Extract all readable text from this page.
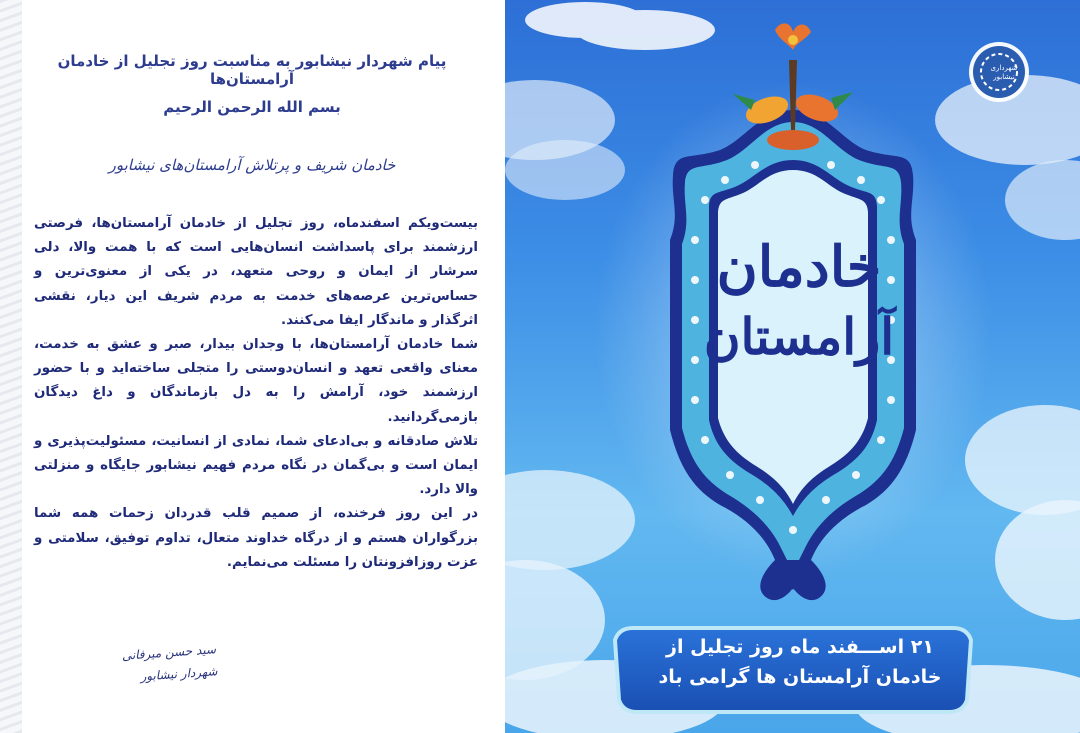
پیام شهردار نیشابور به مناسبت روز تجلیل از خادمان آرامستان‌ها
بسم الله الرحمن الرحیم
خادمان شریف و پرتلاش آرامستان‌های نیشابور

بیست‌ویکم اسفندماه، روز تجلیل از خادمان آرامستان‌ها، فرصتی ارزشمند برای پاسداشت انسان‌هایی است که با همت والا، دلی سرشار از ایمان و روحی متعهد، در یکی از معنوی‌ترین و حساس‌ترین عرصه‌های خدمت به مردم شریف این دیار، نقشی اثرگذار و ماندگار ایفا می‌کنند.

شما خادمان آرامستان‌ها، با وجدان بیدار، صبر و عشق به خدمت، معنای واقعی تعهد و انسان‌دوستی را متجلی ساخته‌اید و با حضور ارزشمند خود، آرامش را به دل بازماندگان و داغ دیدگان بازمی‌گردانید.

تلاش صادقانه و بی‌ادعای شما، نمادی از انسانیت، مسئولیت‌پذیری و ایمان است و بی‌گمان در نگاه مردم فهیم نیشابور جایگاه و منزلتی والا دارد.

در این روز فرخنده، از صمیم قلب قدردان زحمات همه شما بزرگواران هستم و از درگاه خداوند متعال، تداوم توفیق، سلامتی و عزت روزافزونتان را مسئلت می‌نمایم.

سید حسن میرفانی
شهردار نیشابور
خادمان
آرامستان
۲۱ اســـفند ماه روز تجلیل از
خادمان آرامستان ها گرامی باد
شهرداری نیشابور
